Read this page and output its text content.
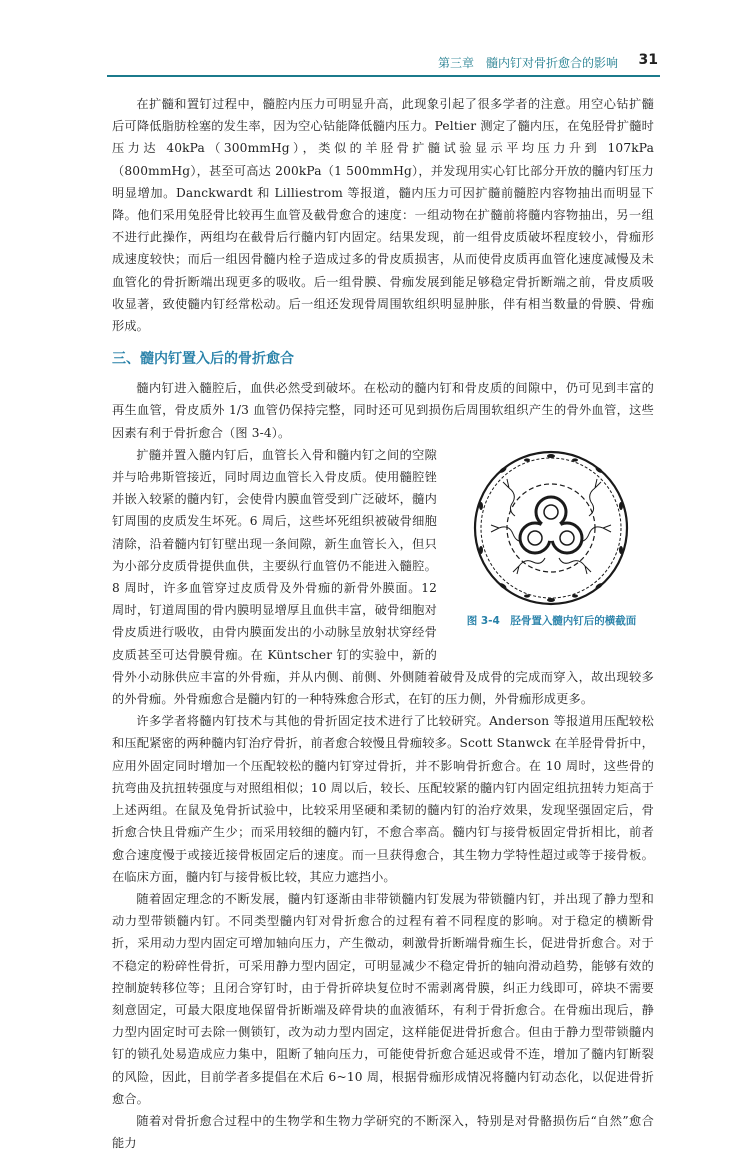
第三章　髓内钉对骨折愈合的影响 31

在扩髓和置钉过程中，髓腔内压力可明显升高，此现象引起了很多学者的注意。用空心钻扩髓后可降低脂肪栓塞的发生率，因为空心钻能降低髓内压力。Peltier 测定了髓内压，在兔胫骨扩髓时压力达 40kPa（300mmHg），类似的羊胫骨扩髓试验显示平均压力升到 107kPa（800mmHg），甚至可高达 200kPa（1 500mmHg），并发现用实心钉比部分开放的髓内钉压力明显增加。Danckwardt 和 Lilliestrom 等报道，髓内压力可因扩髓前髓腔内容物抽出而明显下降。他们采用兔胫骨比较再生血管及截骨愈合的速度：一组动物在扩髓前将髓内容物抽出，另一组不进行此操作，两组均在截骨后行髓内钉内固定。结果发现，前一组骨皮质破坏程度较小，骨痂形成速度较快；而后一组因骨髓内栓子造成过多的骨皮质损害，从而使骨皮质再血管化速度减慢及未血管化的骨折断端出现更多的吸收。后一组骨膜、骨痂发展到能足够稳定骨折断端之前，骨皮质吸收显著，致使髓内钉经常松动。后一组还发现骨周围软组织明显肿胀，伴有相当数量的骨膜、骨痂形成。

三、髓内钉置入后的骨折愈合

髓内钉进入髓腔后，血供必然受到破坏。在松动的髓内钉和骨皮质的间隙中，仍可见到丰富的再生血管，骨皮质外 1/3 血管仍保持完整，同时还可见到损伤后周围软组织产生的骨外血管，这些因素有利于骨折愈合（图 3-4）。

图 3-4　胫骨置入髓内钉后的横截面

扩髓并置入髓内钉后，血管长入骨和髓内钉之间的空隙并与哈弗斯管接近，同时周边血管长入骨皮质。使用髓腔锉并嵌入较紧的髓内钉，会使骨内膜血管受到广泛破坏，髓内钉周围的皮质发生坏死。6 周后，这些坏死组织被破骨细胞清除，沿着髓内钉钉壁出现一条间隙，新生血管长入，但只为小部分皮质骨提供血供，主要纵行血管仍不能进入髓腔。8 周时，许多血管穿过皮质骨及外骨痂的新骨外膜面。12 周时，钉道周围的骨内膜明显增厚且血供丰富，破骨细胞对骨皮质进行吸收，由骨内膜面发出的小动脉呈放射状穿经骨皮质甚至可达骨膜骨痂。在 Küntscher 钉的实验中，新的骨外小动脉供应丰富的外骨痂，并从内侧、前侧、外侧随着破骨及成骨的完成而穿入，故出现较多的外骨痂。外骨痂愈合是髓内钉的一种特殊愈合形式，在钉的压力侧，外骨痂形成更多。

许多学者将髓内钉技术与其他的骨折固定技术进行了比较研究。Anderson 等报道用压配较松和压配紧密的两种髓内钉治疗骨折，前者愈合较慢且骨痂较多。Scott Stanwck 在羊胫骨骨折中，应用外固定同时增加一个压配较松的髓内钉穿过骨折，并不影响骨折愈合。在 10 周时，这些骨的抗弯曲及抗扭转强度与对照组相似；10 周以后，较长、压配较紧的髓内钉内固定组抗扭转力矩高于上述两组。在鼠及兔骨折试验中，比较采用坚硬和柔韧的髓内钉的治疗效果，发现坚强固定后，骨折愈合快且骨痂产生少；而采用较细的髓内钉，不愈合率高。髓内钉与接骨板固定骨折相比，前者愈合速度慢于或接近接骨板固定后的速度。而一旦获得愈合，其生物力学特性超过或等于接骨板。在临床方面，髓内钉与接骨板比较，其应力遮挡小。

随着固定理念的不断发展，髓内钉逐渐由非带锁髓内钉发展为带锁髓内钉，并出现了静力型和动力型带锁髓内钉。不同类型髓内钉对骨折愈合的过程有着不同程度的影响。对于稳定的横断骨折，采用动力型内固定可增加轴向压力，产生微动，刺激骨折断端骨痂生长，促进骨折愈合。对于不稳定的粉碎性骨折，可采用静力型内固定，可明显减少不稳定骨折的轴向滑动趋势，能够有效的控制旋转移位等；且闭合穿钉时，由于骨折碎块复位时不需剥离骨膜，纠正力线即可，碎块不需要刻意固定，可最大限度地保留骨折断端及碎骨块的血液循环，有利于骨折愈合。在骨痂出现后，静力型内固定时可去除一侧锁钉，改为动力型内固定，这样能促进骨折愈合。但由于静力型带锁髓内钉的锁孔处易造成应力集中，阻断了轴向压力，可能使骨折愈合延迟或骨不连，增加了髓内钉断裂的风险，因此，目前学者多提倡在术后 6~10 周，根据骨痂形成情况将髓内钉动态化，以促进骨折愈合。

随着对骨折愈合过程中的生物学和生物力学研究的不断深入，特别是对骨骼损伤后“自然”愈合能力
